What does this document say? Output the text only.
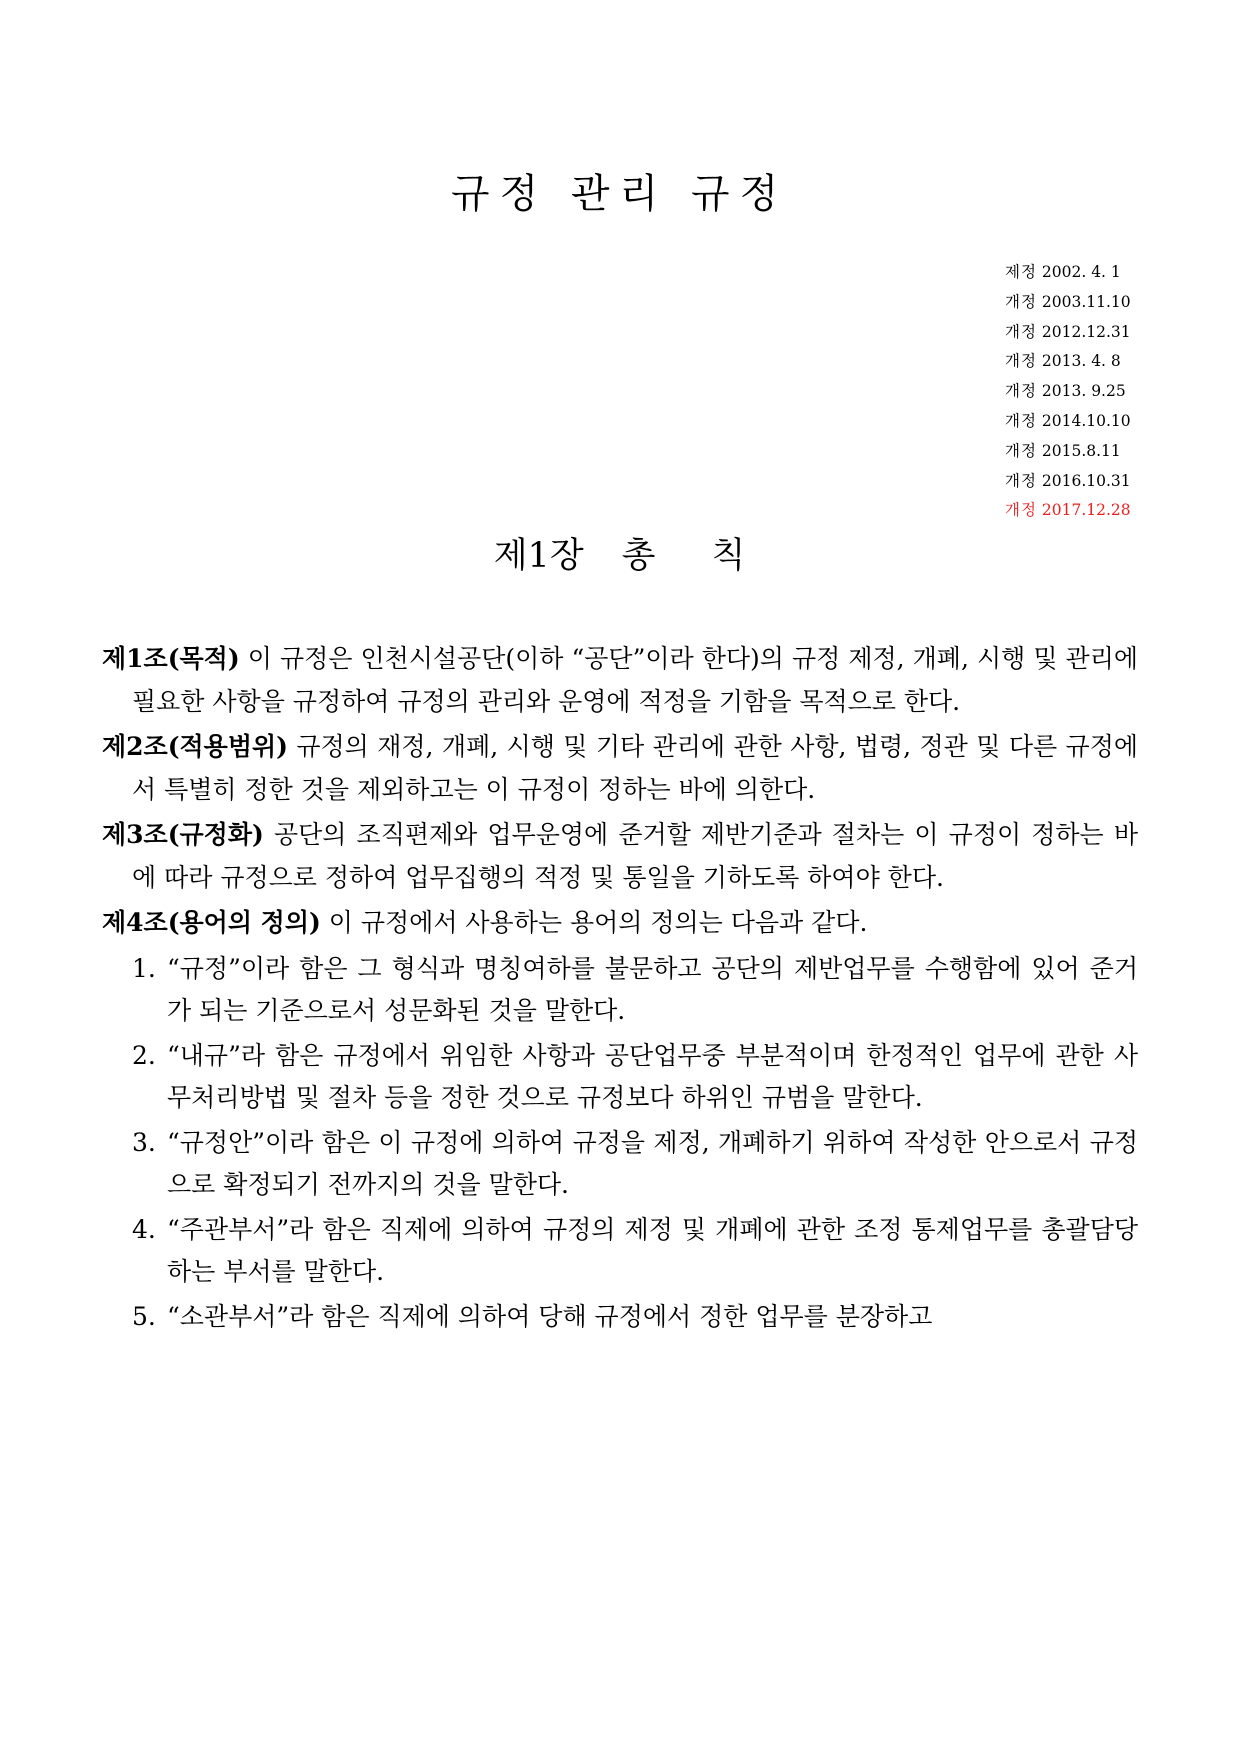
규정 관리 규정
제정 2002. 4. 1
개정 2003.11.10
개정 2012.12.31
개정 2013. 4. 8
개정 2013. 9.25
개정 2014.10.10
개정 2015.8.11
개정 2016.10.31
개정 2017.12.28
제1장 총 칙

제1조(목적) 이 규정은 인천시설공단(이하 “공단”이라 한다)의 규정 제정, 개폐, 시행 및 관리에 필요한 사항을 규정하여 규정의 관리와 운영에 적정을 기함을 목적으로 한다.

제2조(적용범위) 규정의 재정, 개폐, 시행 및 기타 관리에 관한 사항, 법령, 정관 및 다른 규정에서 특별히 정한 것을 제외하고는 이 규정이 정하는 바에 의한다.

제3조(규정화) 공단의 조직편제와 업무운영에 준거할 제반기준과 절차는 이 규정이 정하는 바에 따라 규정으로 정하여 업무집행의 적정 및 통일을 기하도록 하여야 한다.

제4조(용어의 정의) 이 규정에서 사용하는 용어의 정의는 다음과 같다.

1. “규정”이라 함은 그 형식과 명칭여하를 불문하고 공단의 제반업무를 수행함에 있어 준거가 되는 기준으로서 성문화된 것을 말한다.
2. “내규”라 함은 규정에서 위임한 사항과 공단업무중 부분적이며 한정적인 업무에 관한 사무처리방법 및 절차 등을 정한 것으로 규정보다 하위인 규범을 말한다.
3. “규정안”이라 함은 이 규정에 의하여 규정을 제정, 개폐하기 위하여 작성한 안으로서 규정으로 확정되기 전까지의 것을 말한다.
4. “주관부서”라 함은 직제에 의하여 규정의 제정 및 개폐에 관한 조정 통제업무를 총괄담당하는 부서를 말한다.
5. “소관부서”라 함은 직제에 의하여 당해 규정에서 정한 업무를 분장하고
